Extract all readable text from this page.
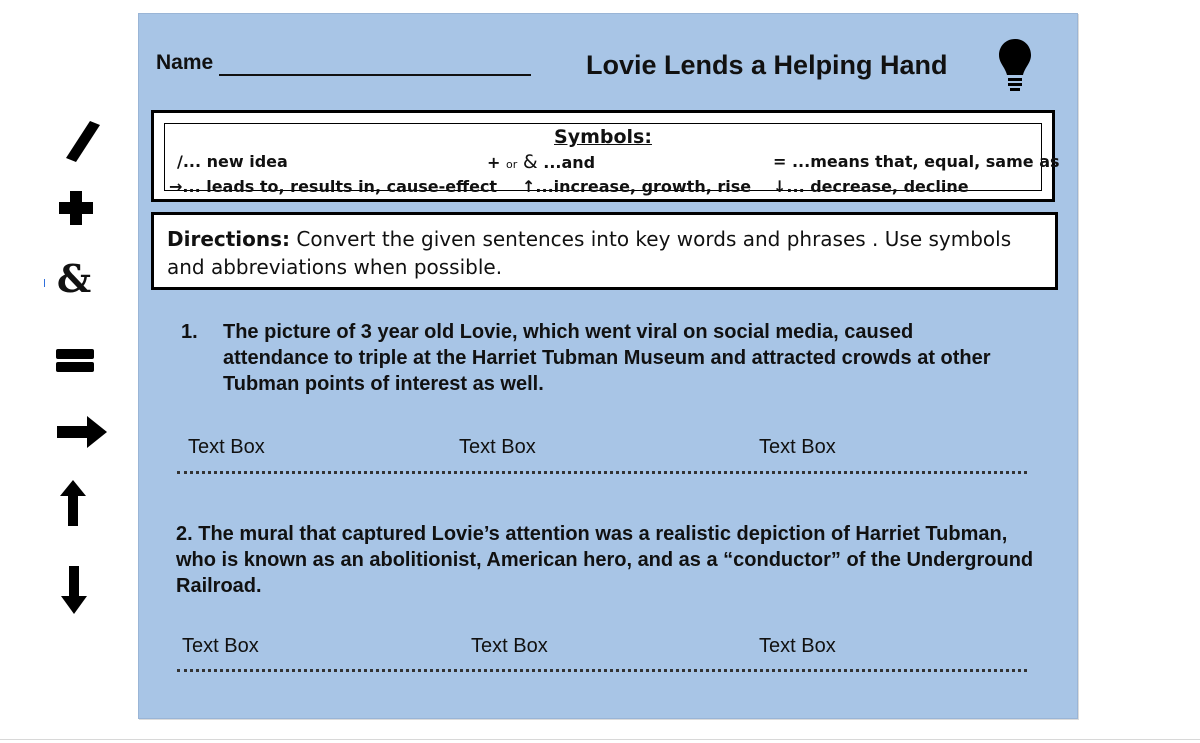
&
Name	Lovie Lends a Helping Hand
Symbols:
/... new idea	+ or & ...and	= ...means that, equal, same as
→... leads to, results in, cause-effect ↑...increase, growth, rise ↓... decrease, decline
Directions: Convert the given sentences into key words and phrases . Use symbols and abbreviations when possible.
1. The picture of 3 year old Lovie, which went viral on social media, caused attendance to triple at the Harriet Tubman Museum and attracted crowds at other Tubman points of interest as well.
Text Box	Text Box	Text Box
2. The mural that captured Lovie’s attention was a realistic depiction of Harriet Tubman, who is known as an abolitionist, American hero, and as a “conductor” of the Underground Railroad.
Text Box	Text Box	Text Box
